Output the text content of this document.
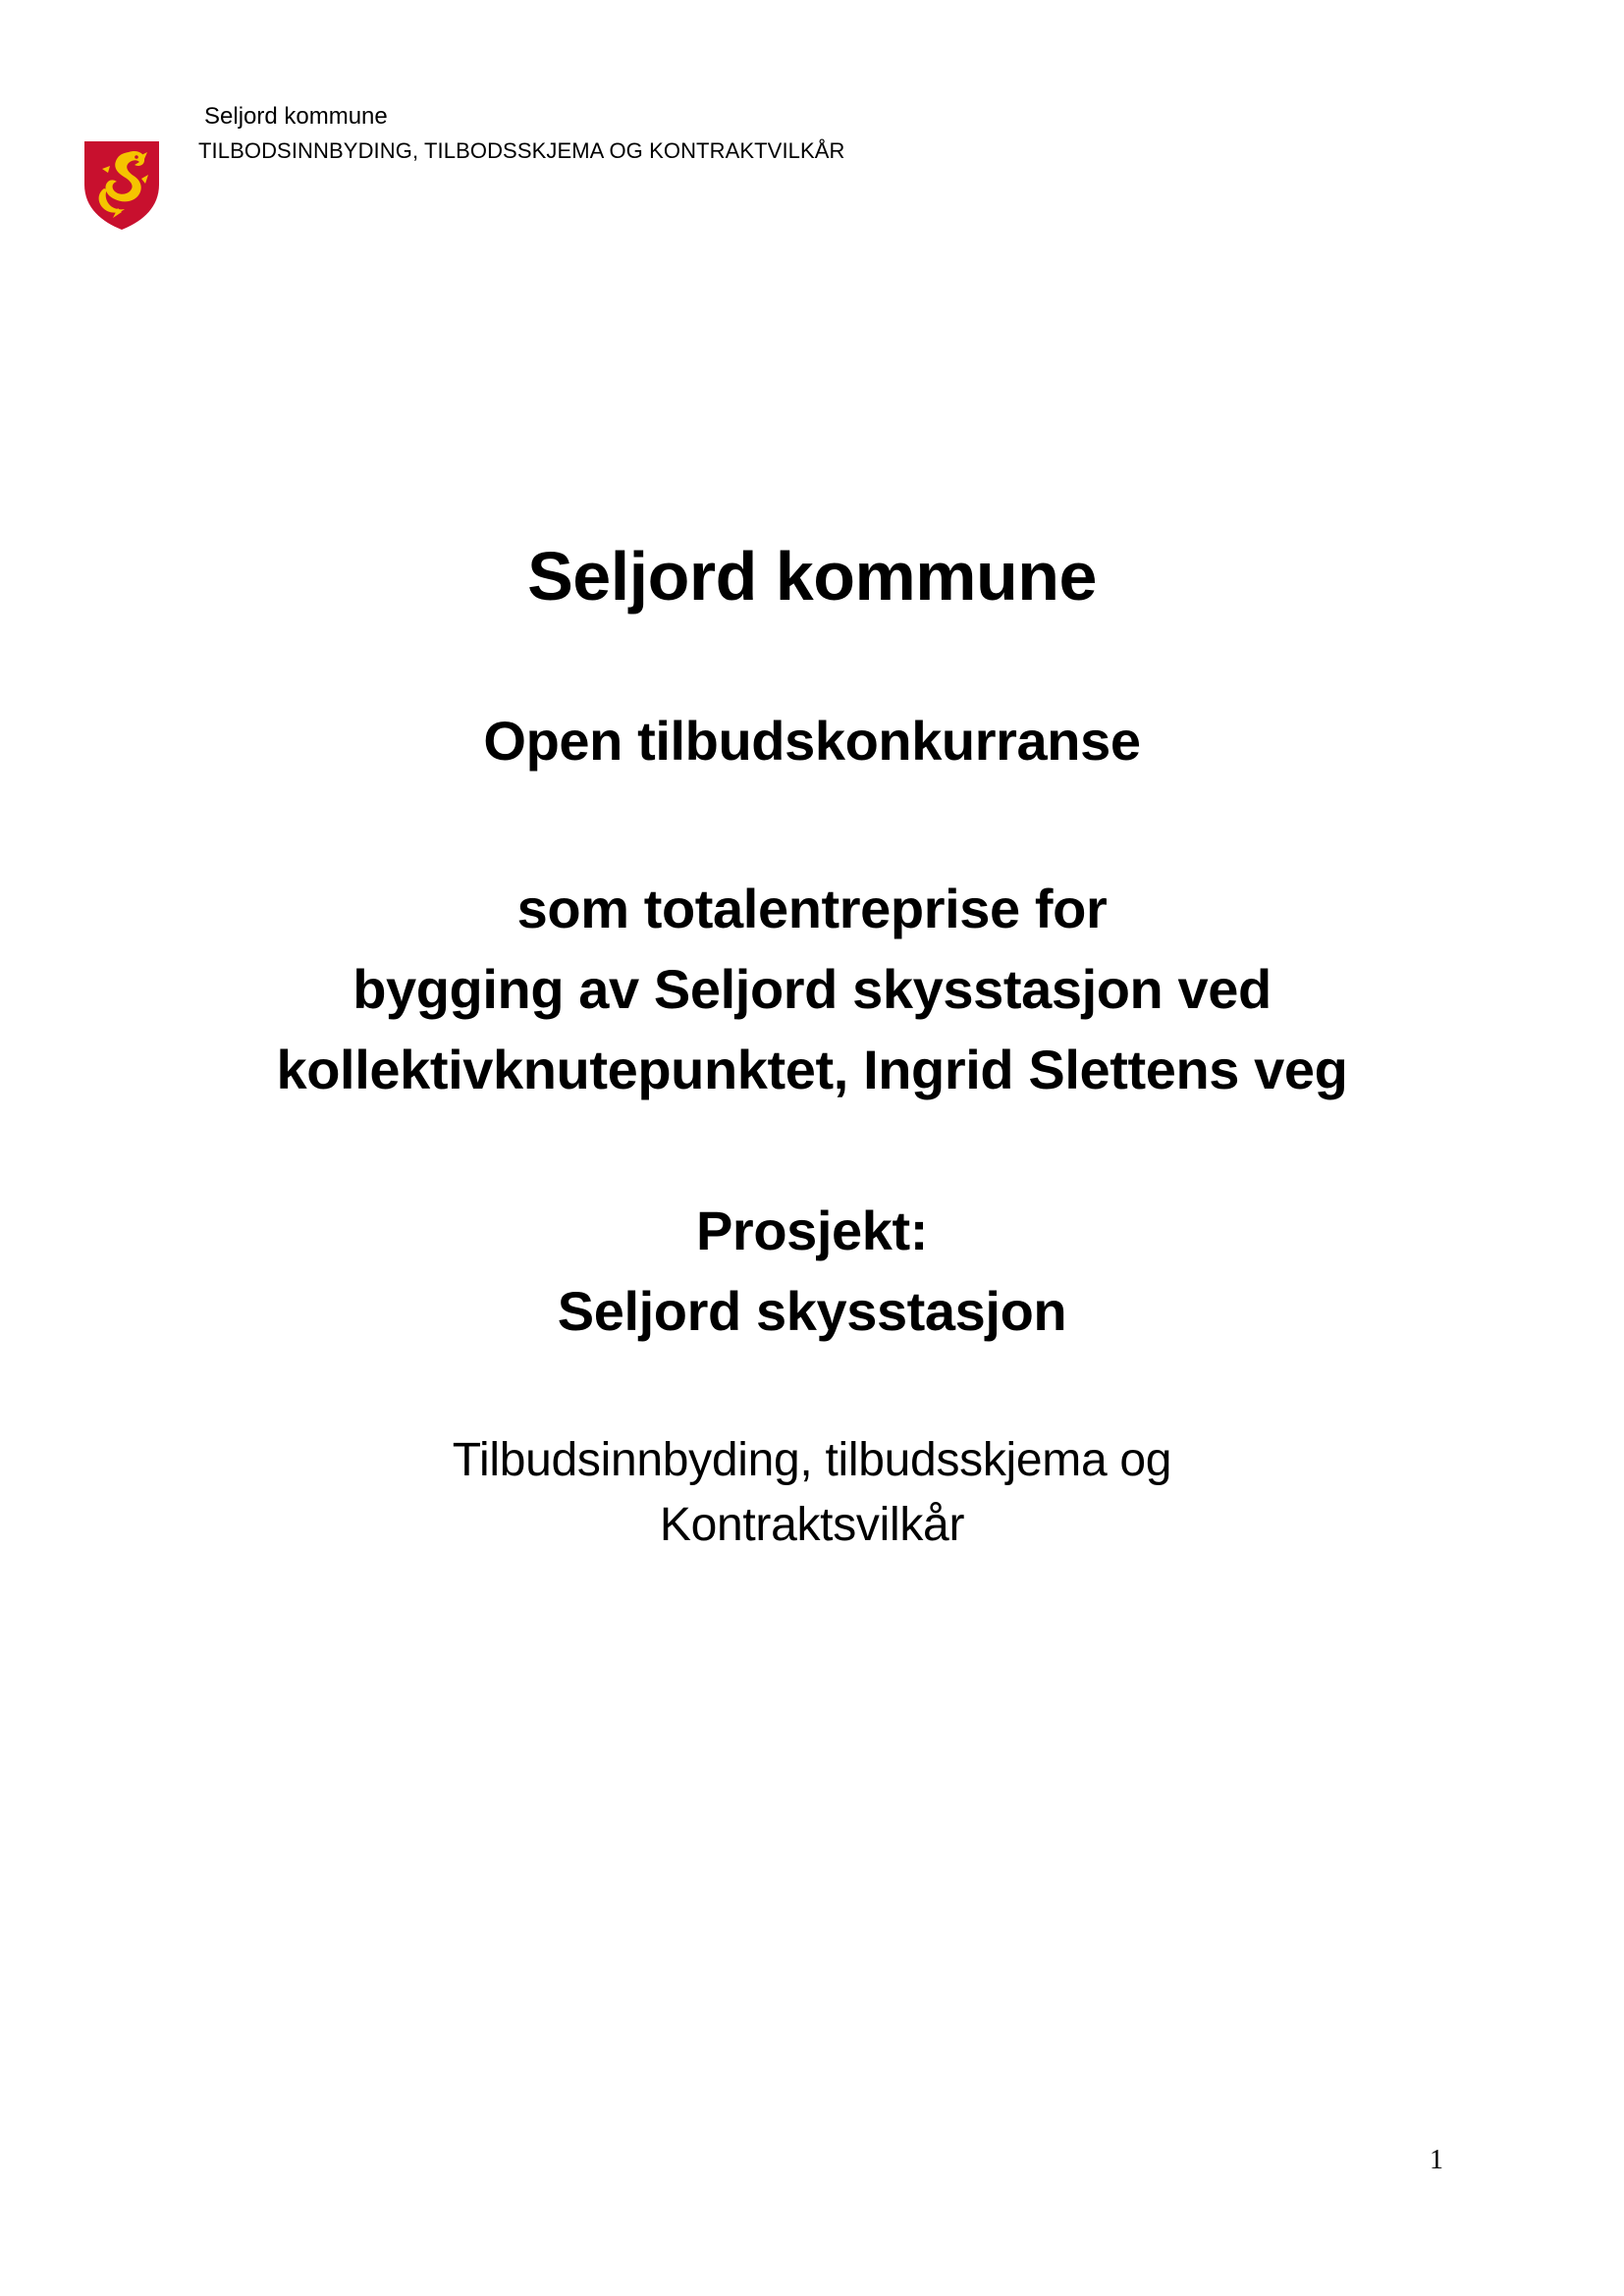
Seljord kommune
TILBODSINNBYDING, TILBODSSKJEMA OG KONTRAKTVILKÅR
Seljord kommune
Open tilbudskonkurranse
som totalentreprise for
bygging av Seljord skysstasjon ved
kollektivknutepunktet, Ingrid Slettens veg
Prosjekt:
Seljord skysstasjon
Tilbudsinnbyding, tilbudsskjema og
Kontraktsvilkår
1
